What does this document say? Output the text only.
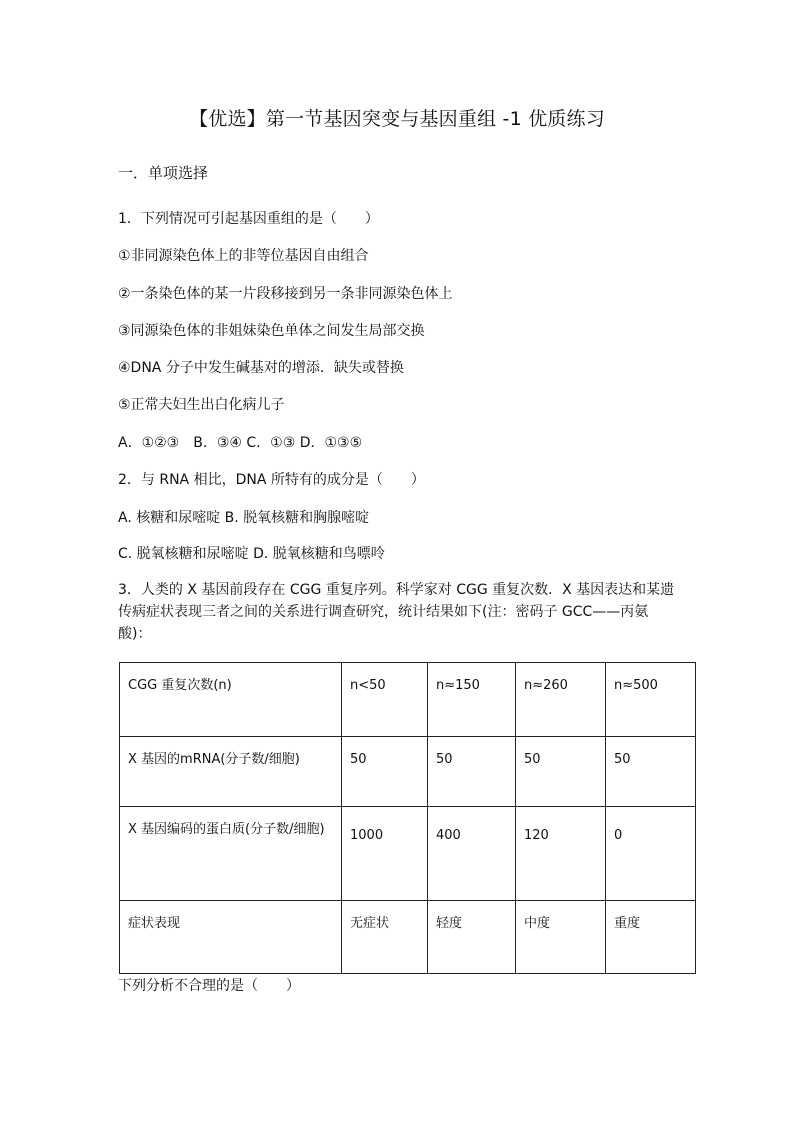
【优选】第一节基因突变与基因重组 -1 优质练习
一．单项选择
1．下列情况可引起基因重组的是（　　）
①非同源染色体上的非等位基因自由组合
②一条染色体的某一片段移接到另一条非同源染色体上
③同源染色体的非姐妹染色单体之间发生局部交换
④DNA 分子中发生碱基对的增添．缺失或替换
⑤正常夫妇生出白化病儿子
A．①②③　B．③④ C．①③ D．①③⑤
2．与 RNA 相比，DNA 所特有的成分是（　　）
A. 核糖和尿嘧啶 B. 脱氧核糖和胸腺嘧啶
C. 脱氧核糖和尿嘧啶 D. 脱氧核糖和鸟嘌呤
3．人类的 X 基因前段存在 CGG 重复序列。科学家对 CGG 重复次数．X 基因表达和某遗传病症状表现三者之间的关系进行调查研究，统计结果如下(注：密码子 GCC——丙氨酸)：
CGG 重复次数(n)	n<50	n≈150	n≈260	n≈500
X 基因的mRNA(分子数/细胞)	50	50	50	50
X 基因编码的蛋白质(分子数/细胞)	1000	400	120	0
症状表现	无症状	轻度	中度	重度
下列分析不合理的是（　　）
